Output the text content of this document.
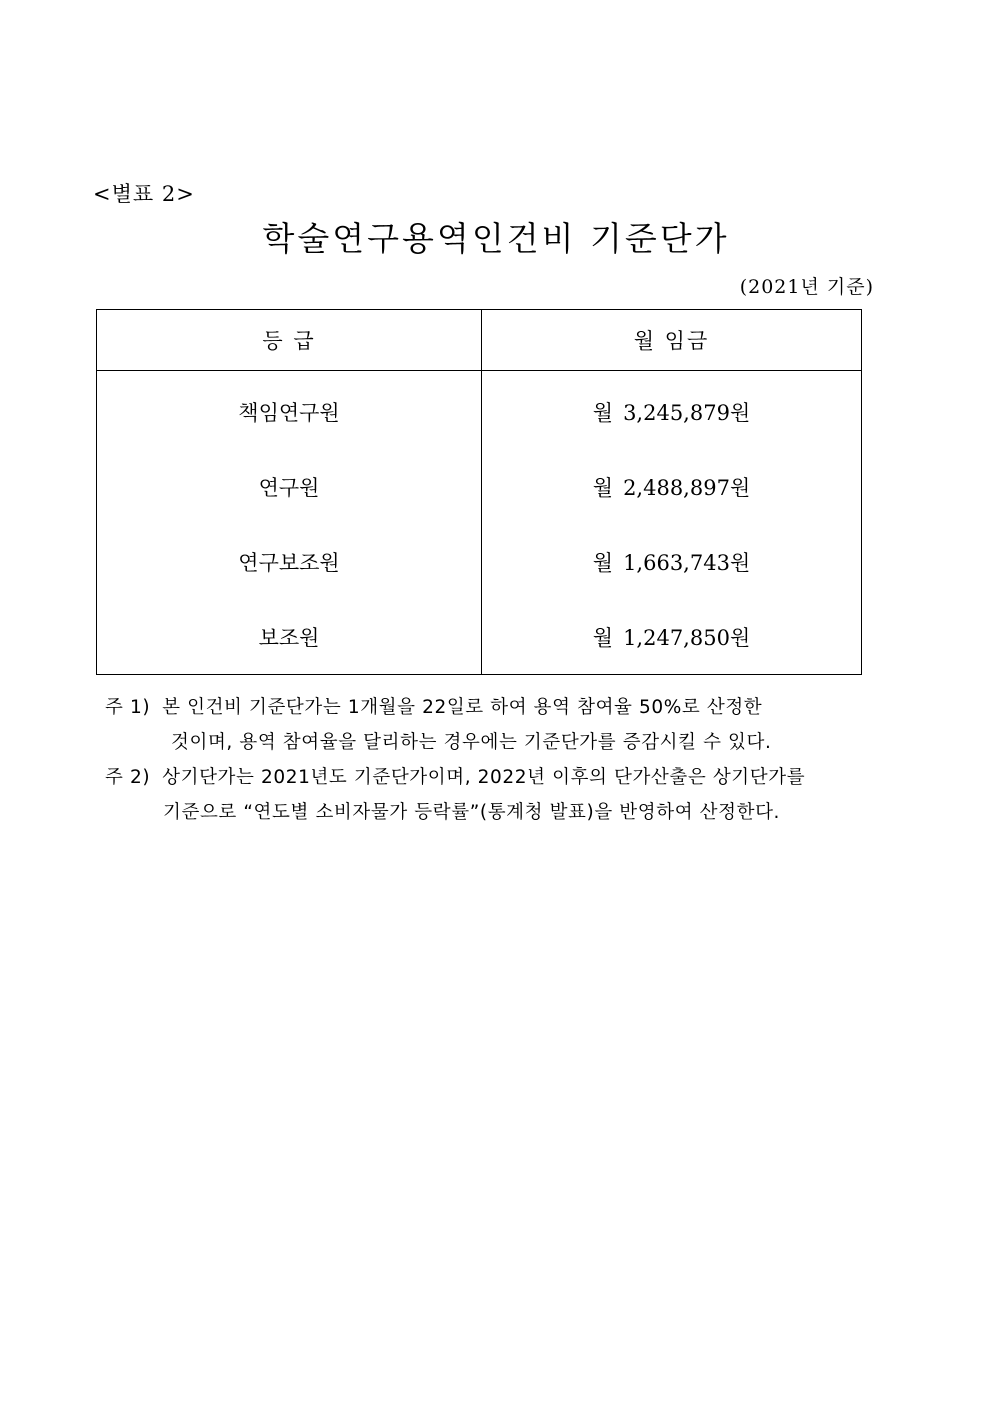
<별표 2>
학술연구용역인건비 기준단가
(2021년 기준)
등 급	월 임금
책임연구원	월 3,245,879원
연구원	월 2,488,897원
연구보조원	월 1,663,743원
보조원	월 1,247,850원
주 1) 본 인건비 기준단가는 1개월을 22일로 하여 용역 참여율 50%로 산정한
것이며, 용역 참여율을 달리하는 경우에는 기준단가를 증감시킬 수 있다.
주 2) 상기단가는 2021년도 기준단가이며, 2022년 이후의 단가산출은 상기단가를
기준으로 “연도별 소비자물가 등락률”(통계청 발표)을 반영하여 산정한다.
